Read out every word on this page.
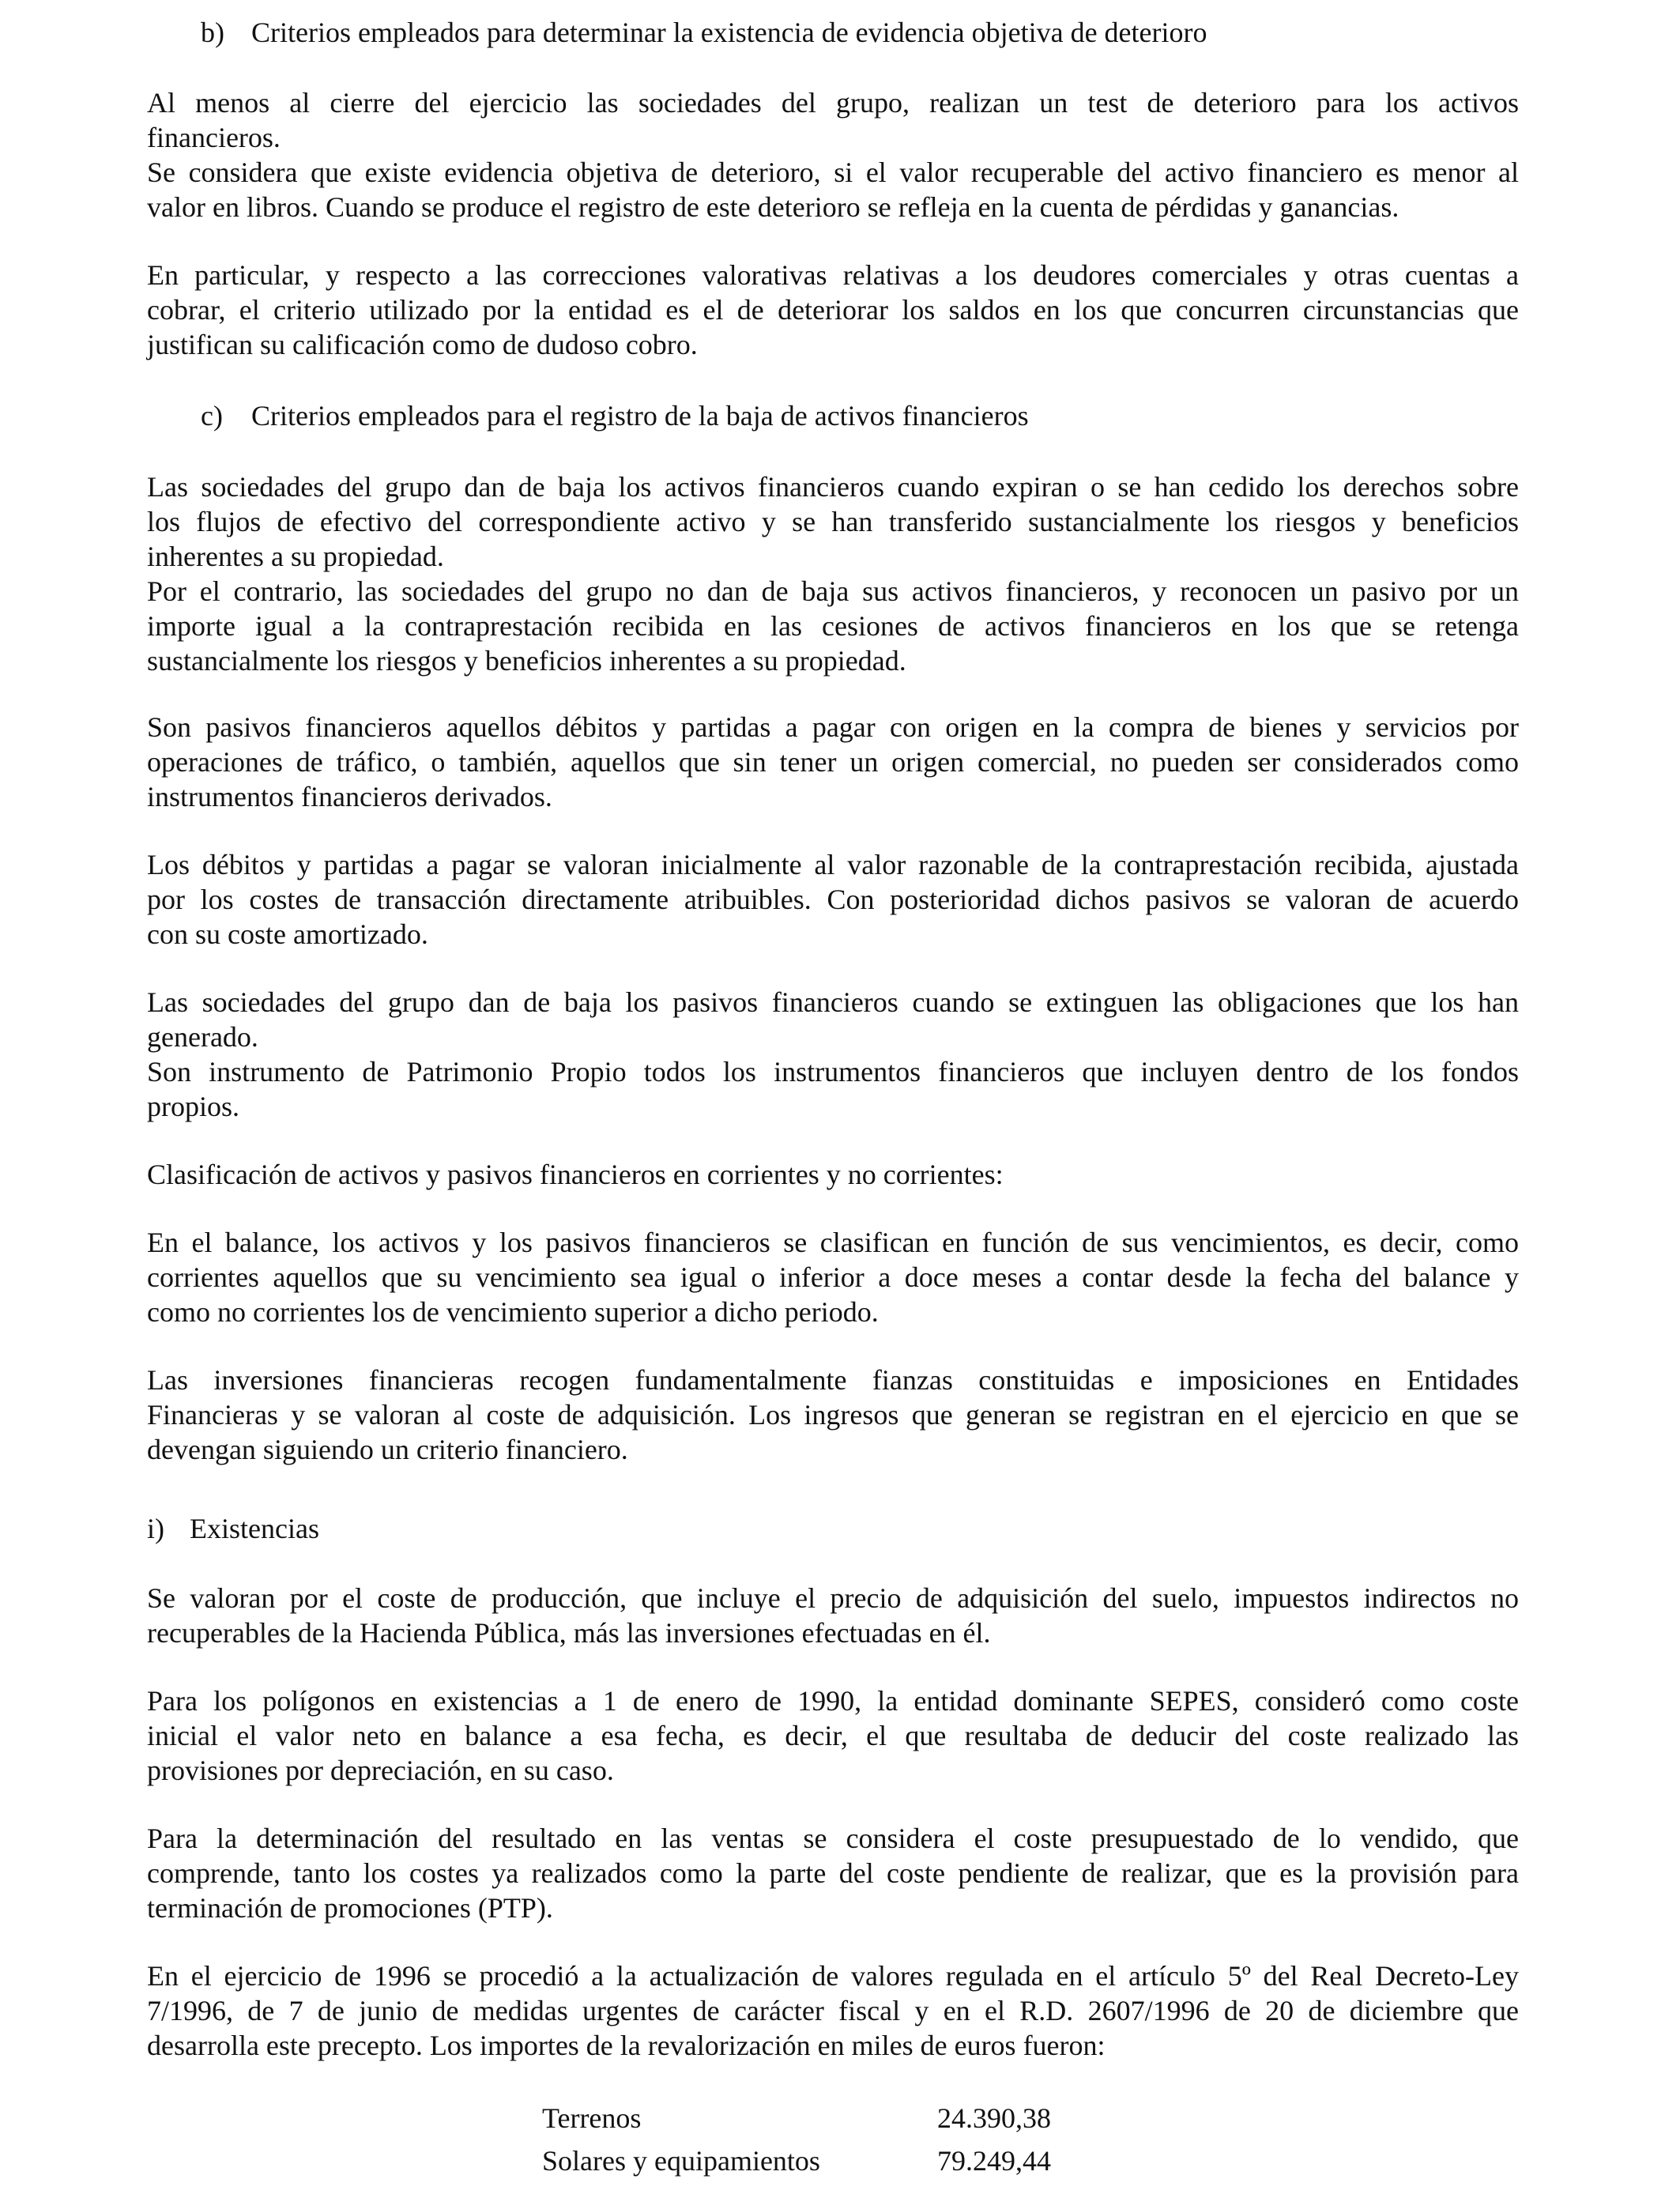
b) Criterios empleados para determinar la existencia de evidencia objetiva de deterioro
Al menos al cierre del ejercicio las sociedades del grupo, realizan un test de deterioro para los activos
financieros.
Se considera que existe evidencia objetiva de deterioro, si el valor recuperable del activo financiero es menor al
valor en libros. Cuando se produce el registro de este deterioro se refleja en la cuenta de pérdidas y ganancias.
En particular, y respecto a las correcciones valorativas relativas a los deudores comerciales y otras cuentas a
cobrar, el criterio utilizado por la entidad es el de deteriorar los saldos en los que concurren circunstancias que
justifican su calificación como de dudoso cobro.
c) Criterios empleados para el registro de la baja de activos financieros
Las sociedades del grupo dan de baja los activos financieros cuando expiran o se han cedido los derechos sobre
los flujos de efectivo del correspondiente activo y se han transferido sustancialmente los riesgos y beneficios
inherentes a su propiedad.
Por el contrario, las sociedades del grupo no dan de baja sus activos financieros, y reconocen un pasivo por un
importe igual a la contraprestación recibida en las cesiones de activos financieros en los que se retenga
sustancialmente los riesgos y beneficios inherentes a su propiedad.
Son pasivos financieros aquellos débitos y partidas a pagar con origen en la compra de bienes y servicios por
operaciones de tráfico, o también, aquellos que sin tener un origen comercial, no pueden ser considerados como
instrumentos financieros derivados.
Los débitos y partidas a pagar se valoran inicialmente al valor razonable de la contraprestación recibida, ajustada
por los costes de transacción directamente atribuibles. Con posterioridad dichos pasivos se valoran de acuerdo
con su coste amortizado.
Las sociedades del grupo dan de baja los pasivos financieros cuando se extinguen las obligaciones que los han
generado.
Son instrumento de Patrimonio Propio todos los instrumentos financieros que incluyen dentro de los fondos
propios.
Clasificación de activos y pasivos financieros en corrientes y no corrientes:
En el balance, los activos y los pasivos financieros se clasifican en función de sus vencimientos, es decir, como
corrientes aquellos que su vencimiento sea igual o inferior a doce meses a contar desde la fecha del balance y
como no corrientes los de vencimiento superior a dicho periodo.
Las inversiones financieras recogen fundamentalmente fianzas constituidas e imposiciones en Entidades
Financieras y se valoran al coste de adquisición. Los ingresos que generan se registran en el ejercicio en que se
devengan siguiendo un criterio financiero.
i) Existencias
Se valoran por el coste de producción, que incluye el precio de adquisición del suelo, impuestos indirectos no
recuperables de la Hacienda Pública, más las inversiones efectuadas en él.
Para los polígonos en existencias a 1 de enero de 1990, la entidad dominante SEPES, consideró como coste
inicial el valor neto en balance a esa fecha, es decir, el que resultaba de deducir del coste realizado las
provisiones por depreciación, en su caso.
Para la determinación del resultado en las ventas se considera el coste presupuestado de lo vendido, que
comprende, tanto los costes ya realizados como la parte del coste pendiente de realizar, que es la provisión para
terminación de promociones (PTP).
En el ejercicio de 1996 se procedió a la actualización de valores regulada en el artículo 5º del Real Decreto-Ley
7/1996, de 7 de junio de medidas urgentes de carácter fiscal y en el R.D. 2607/1996 de 20 de diciembre que
desarrolla este precepto. Los importes de la revalorización en miles de euros fueron:
Terrenos	24.390,38
Solares y equipamientos	79.249,44
